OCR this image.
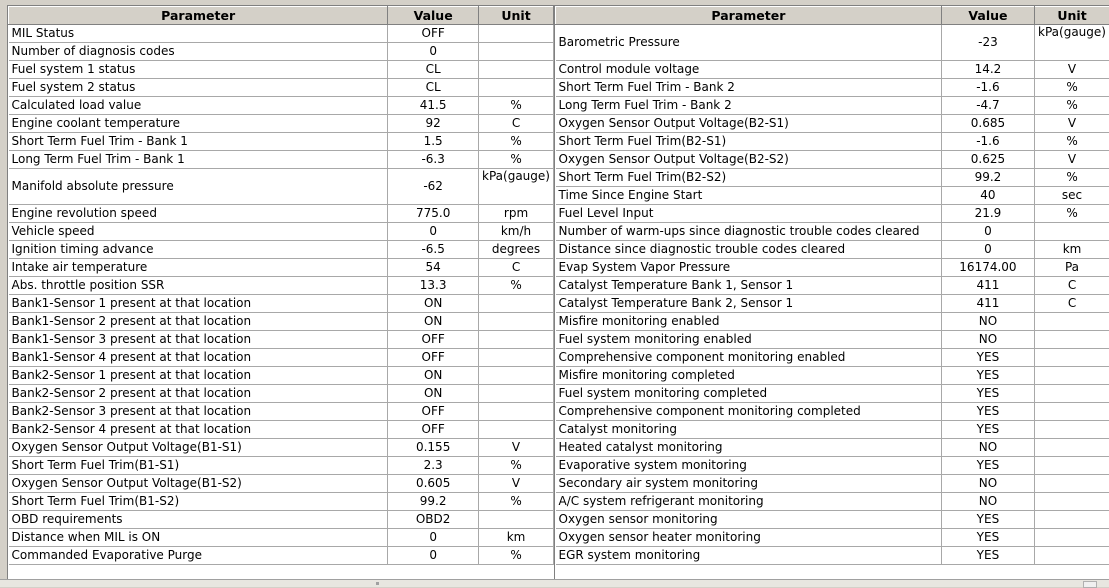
Parameter	Value	Unit
MIL Status	OFF	
Number of diagnosis codes	0	
Fuel system 1 status	CL	
Fuel system 2 status	CL	
Calculated load value	41.5	%
Engine coolant temperature	92	C
Short Term Fuel Trim - Bank 1	1.5	%
Long Term Fuel Trim - Bank 1	-6.3	%
Manifold absolute pressure	-62	kPa(gauge)
Engine revolution speed	775.0	rpm
Vehicle speed	0	km/h
Ignition timing advance	-6.5	degrees
Intake air temperature	54	C
Abs. throttle position SSR	13.3	%
Bank1-Sensor 1 present at that location	ON	
Bank1-Sensor 2 present at that location	ON	
Bank1-Sensor 3 present at that location	OFF	
Bank1-Sensor 4 present at that location	OFF	
Bank2-Sensor 1 present at that location	ON	
Bank2-Sensor 2 present at that location	ON	
Bank2-Sensor 3 present at that location	OFF	
Bank2-Sensor 4 present at that location	OFF	
Oxygen Sensor Output Voltage(B1-S1)	0.155	V
Short Term Fuel Trim(B1-S1)	2.3	%
Oxygen Sensor Output Voltage(B1-S2)	0.605	V
Short Term Fuel Trim(B1-S2)	99.2	%
OBD requirements	OBD2	
Distance when MIL is ON	0	km
Commanded Evaporative Purge	0	%
Parameter	Value	Unit
Barometric Pressure	-23	kPa(gauge)
Control module voltage	14.2	V
Short Term Fuel Trim - Bank 2	-1.6	%
Long Term Fuel Trim - Bank 2	-4.7	%
Oxygen Sensor Output Voltage(B2-S1)	0.685	V
Short Term Fuel Trim(B2-S1)	-1.6	%
Oxygen Sensor Output Voltage(B2-S2)	0.625	V
Short Term Fuel Trim(B2-S2)	99.2	%
Time Since Engine Start	40	sec
Fuel Level Input	21.9	%
Number of warm-ups since diagnostic trouble codes cleared	0	
Distance since diagnostic trouble codes cleared	0	km
Evap System Vapor Pressure	16174.00	Pa
Catalyst Temperature Bank 1, Sensor 1	411	C
Catalyst Temperature Bank 2, Sensor 1	411	C
Misfire monitoring enabled	NO	
Fuel system monitoring enabled	NO	
Comprehensive component monitoring enabled	YES	
Misfire monitoring completed	YES	
Fuel system monitoring completed	YES	
Comprehensive component monitoring completed	YES	
Catalyst monitoring	YES	
Heated catalyst monitoring	NO	
Evaporative system monitoring	YES	
Secondary air system monitoring	NO	
A/C system refrigerant monitoring	NO	
Oxygen sensor monitoring	YES	
Oxygen sensor heater monitoring	YES	
EGR system monitoring	YES	
